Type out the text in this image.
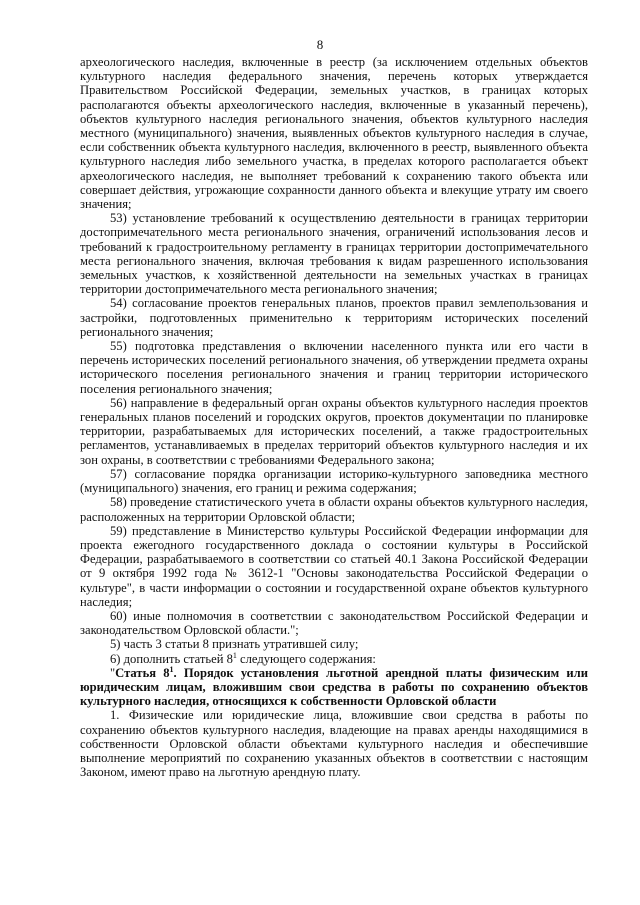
8

археологического наследия, включенные в реестр (за исключением отдельных объектов культурного наследия федерального значения, перечень которых утверждается Правительством Российской Федерации, земельных участков, в границах которых располагаются объекты археологического наследия, включенные в указанный перечень), объектов культурного наследия регионального значения, объектов культурного наследия местного (муниципального) значения, выявленных объектов культурного наследия в случае, если собственник объекта культурного наследия, включенного в реестр, выявленного объекта культурного наследия либо земельного участка, в пределах которого располагается объект археологического наследия, не выполняет требований к сохранению такого объекта или совершает действия, угрожающие сохранности данного объекта и влекущие утрату им своего значения;

53) установление требований к осуществлению деятельности в границах территории достопримечательного места регионального значения, ограничений использования лесов и требований к градостроительному регламенту в границах территории достопримечательного места регионального значения, включая требования к видам разрешенного использования земельных участков, к хозяйственной деятельности на земельных участках в границах территории достопримечательного места регионального значения;

54) согласование проектов генеральных планов, проектов правил землепользования и застройки, подготовленных применительно к территориям исторических поселений регионального значения;

55) подготовка представления о включении населенного пункта или его части в перечень исторических поселений регионального значения, об утверждении предмета охраны исторического поселения регионального значения и границ территории исторического поселения регионального значения;

56) направление в федеральный орган охраны объектов культурного наследия проектов генеральных планов поселений и городских округов, проектов документации по планировке территории, разрабатываемых для исторических поселений, а также градостроительных регламентов, устанавливаемых в пределах территорий объектов культурного наследия и их зон охраны, в соответствии с требованиями Федерального закона;

57) согласование порядка организации историко-культурного заповедника местного (муниципального) значения, его границ и режима содержания;

58) проведение статистического учета в области охраны объектов культурного наследия, расположенных на территории Орловской области;

59) представление в Министерство культуры Российской Федерации информации для проекта ежегодного государственного доклада о состоянии культуры в Российской Федерации, разрабатываемого в соответствии со статьей 40.1 Закона Российской Федерации от 9 октября 1992 года № 3612-1 "Основы законодательства Российской Федерации о культуре", в части информации о состоянии и государственной охране объектов культурного наследия;

60) иные полномочия в соответствии с законодательством Российской Федерации и законодательством Орловской области.";

5) часть 3 статьи 8 признать утратившей силу;

6) дополнить статьей $8^1$ следующего содержания:

"Статья $8^1$. Порядок установления льготной арендной платы физическим или юридическим лицам, вложившим свои средства в работы по сохранению объектов культурного наследия, относящихся к собственности Орловской области

1. Физические или юридические лица, вложившие свои средства в работы по сохранению объектов культурного наследия, владеющие на правах аренды находящимися в собственности Орловской области объектами культурного наследия и обеспечившие выполнение мероприятий по сохранению указанных объектов в соответствии с настоящим Законом, имеют право на льготную арендную плату.
